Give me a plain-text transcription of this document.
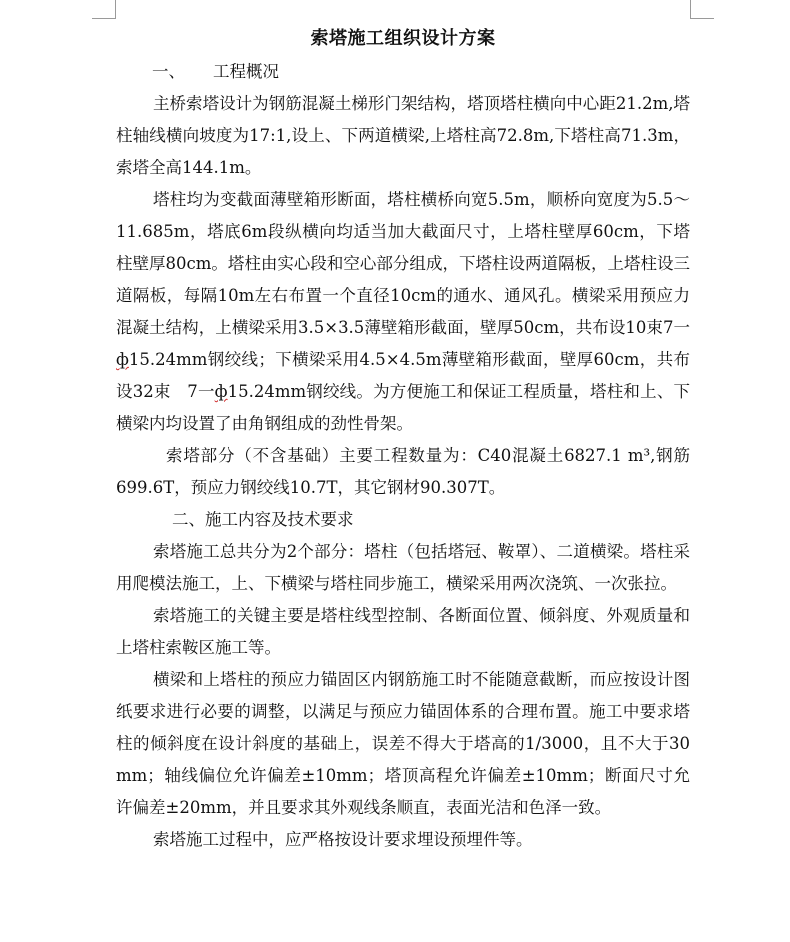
索塔施工组织设计方案

一、 工程概况

主桥索塔设计为钢筋混凝土梯形门架结构，塔顶塔柱横向中心距21.2m,塔柱轴线横向坡度为17:1,设上、下两道横梁,上塔柱高72.8m,下塔柱高71.3m，索塔全高144.1m。

塔柱均为变截面薄壁箱形断面，塔柱横桥向宽5.5m，顺桥向宽度为5.5～11.685m，塔底6m段纵横向均适当加大截面尺寸，上塔柱壁厚60cm，下塔柱壁厚80cm。塔柱由实心段和空心部分组成，下塔柱设两道隔板，上塔柱设三道隔板，每隔10m左右布置一个直径10cm的通水、通风孔。横梁采用预应力混凝土结构，上横梁采用3.5×3.5薄壁箱形截面，壁厚50cm，共布设10束7一ф15.24mm钢绞线；下横梁采用4.5×4.5m薄壁箱形截面，壁厚60cm，共布设32束　7一ф15.24mm钢绞线。为方便施工和保证工程质量，塔柱和上、下横梁内均设置了由角钢组成的劲性骨架。

索塔部分（不含基础）主要工程数量为：C40混凝土6827.1 m³,钢筋699.6T，预应力钢绞线10.7T，其它钢材90.307T。

二、施工内容及技术要求

索塔施工总共分为2个部分：塔柱（包括塔冠、鞍罩）、二道横梁。塔柱采用爬模法施工，上、下横梁与塔柱同步施工，横梁采用两次浇筑、一次张拉。

索塔施工的关键主要是塔柱线型控制、各断面位置、倾斜度、外观质量和上塔柱索鞍区施工等。

横梁和上塔柱的预应力锚固区内钢筋施工时不能随意截断，而应按设计图纸要求进行必要的调整，以满足与预应力锚固体系的合理布置。施工中要求塔柱的倾斜度在设计斜度的基础上，误差不得大于塔高的1/3000，且不大于30 mm；轴线偏位允许偏差±10mm；塔顶高程允许偏差±10mm；断面尺寸允许偏差±20mm，并且要求其外观线条顺直，表面光洁和色泽一致。

索塔施工过程中，应严格按设计要求埋设预埋件等。
